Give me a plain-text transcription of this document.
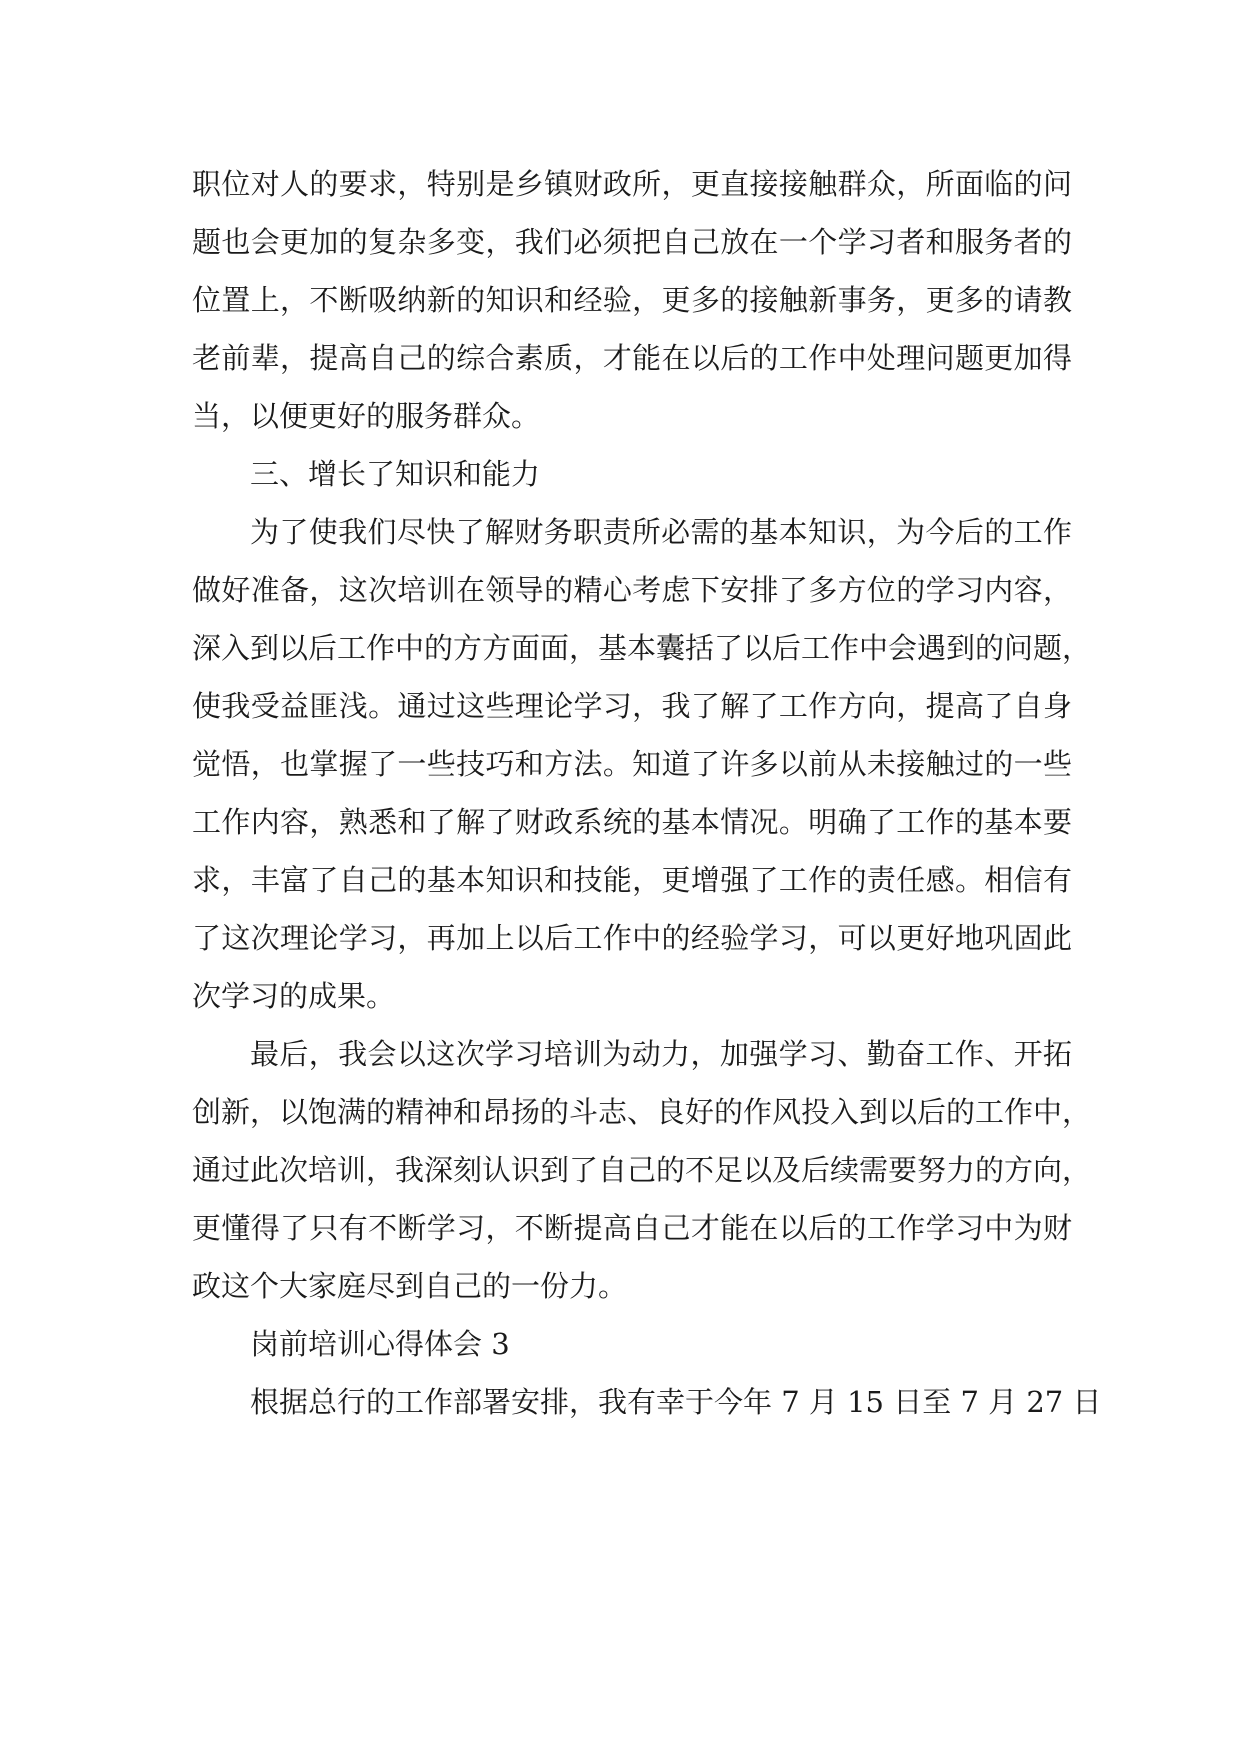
职位对人的要求，特别是乡镇财政所，更直接接触群众，所面临的问
题也会更加的复杂多变，我们必须把自己放在一个学习者和服务者的
位置上，不断吸纳新的知识和经验，更多的接触新事务，更多的请教
老前辈，提高自己的综合素质，才能在以后的工作中处理问题更加得
当，以便更好的服务群众。
三、增长了知识和能力
为了使我们尽快了解财务职责所必需的基本知识，为今后的工作
做好准备，这次培训在领导的精心考虑下安排了多方位的学习内容，
深入到以后工作中的方方面面，基本囊括了以后工作中会遇到的问题，
使我受益匪浅。通过这些理论学习，我了解了工作方向，提高了自身
觉悟，也掌握了一些技巧和方法。知道了许多以前从未接触过的一些
工作内容，熟悉和了解了财政系统的基本情况。明确了工作的基本要
求，丰富了自己的基本知识和技能，更增强了工作的责任感。相信有
了这次理论学习，再加上以后工作中的经验学习，可以更好地巩固此
次学习的成果。
最后，我会以这次学习培训为动力，加强学习、勤奋工作、开拓
创新，以饱满的精神和昂扬的斗志、良好的作风投入到以后的工作中，
通过此次培训，我深刻认识到了自己的不足以及后续需要努力的方向，
更懂得了只有不断学习，不断提高自己才能在以后的工作学习中为财
政这个大家庭尽到自己的一份力。
岗前培训心得体会 3
根据总行的工作部署安排，我有幸于今年 7 月 15 日至 7 月 27 日
